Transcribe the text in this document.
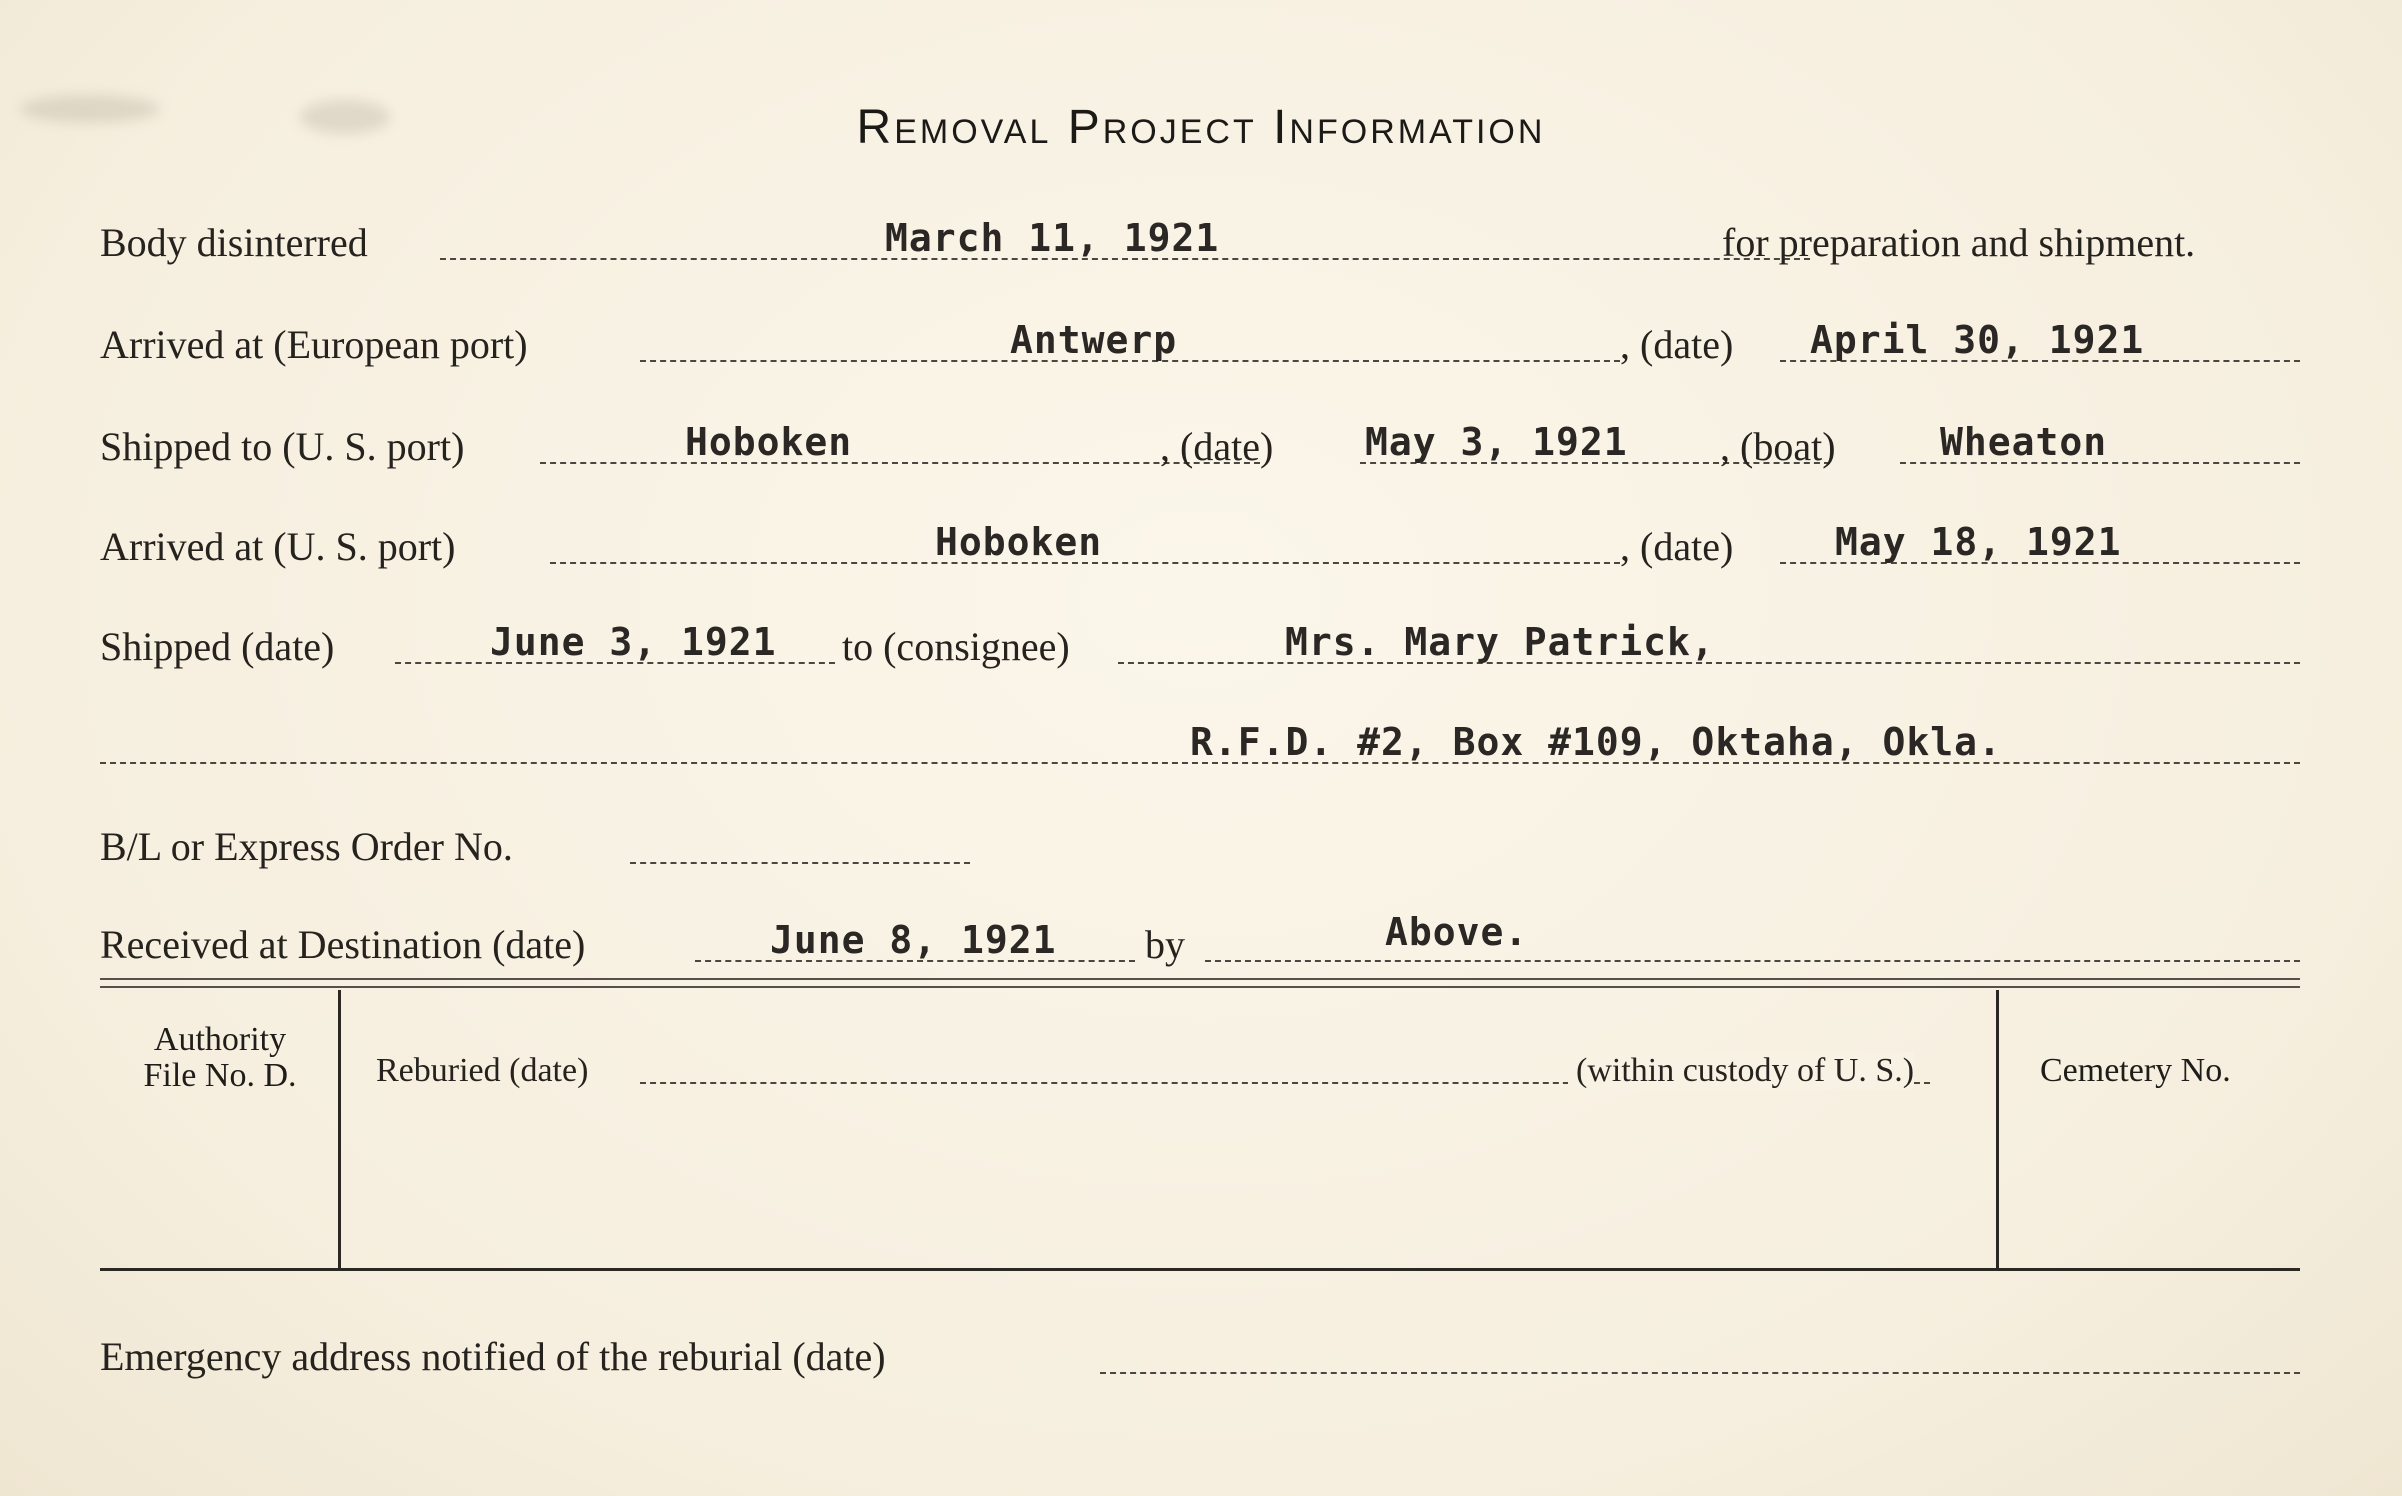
Removal Project Information
Body disinterred	March 11, 1921	for preparation and shipment.
Arrived at (European port)	Antwerp	, (date) April 30, 1921
Shipped to (U. S. port)	Hoboken	, (date) May 3, 1921 , (boat)	Wheaton
Arrived at (U. S. port)	Hoboken	, (date)	May 18, 1921
Shipped (date)	June 3, 1921 to (consignee)	Mrs. Mary Patrick,
R.F.D. #2, Box #109, Oktaha, Okla.
B/L or Express Order No.
Received at Destination (date)	June 8, 1921 by	Above.
Authority
File No. D.	Reburied (date)	(within custody of U. S.)	Cemetery No.
Emergency address notified of the reburial (date)
